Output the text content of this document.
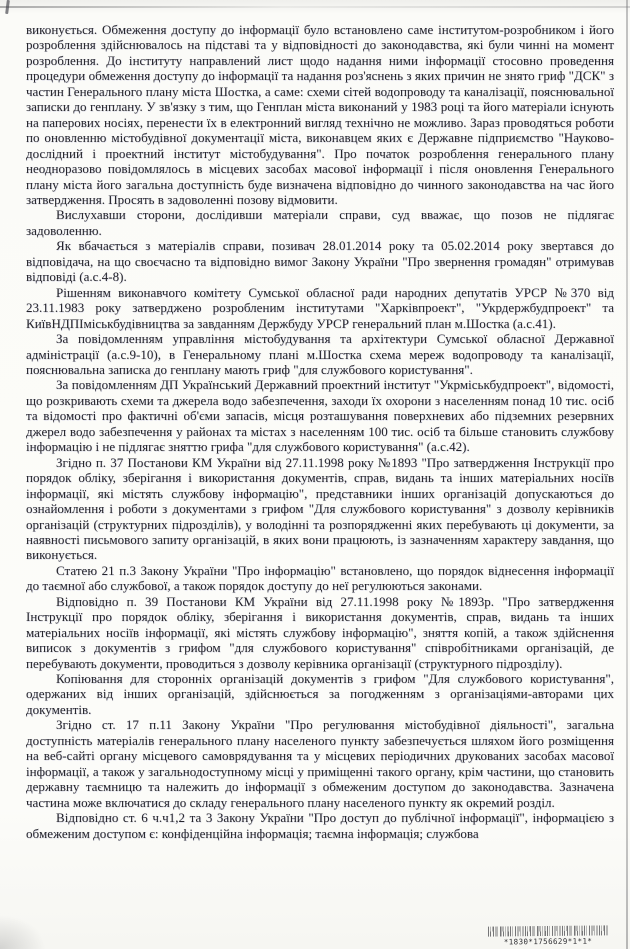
виконується. Обмеження доступу до інформації було встановлено саме інститутом-розробником і його розроблення здійснювалось на підставі та у відповідності до законодавства, які були чинні на момент розроблення. До інституту направлений лист щодо надання ними інформації стосовно проведення процедури обмеження доступу до інформації та надання роз'яснень з яких причин не знято гриф "ДСК" з частин Генерального плану міста Шостка, а саме: схеми сітей водопроводу та каналізації, пояснювальної записки до генплану. У зв'язку з тим, що Генплан міста виконаний у 1983 році та його матеріали існують на паперових носіях, перенести їх в електронний вигляд технічно не можливо. Зараз проводяться роботи по оновленню містобудівної документації міста, виконавцем яких є Державне підприємство "Науково-дослідний і проектний інститут містобудування". Про початок розроблення генерального плану неодноразово повідомлялось в місцевих засобах масової інформації і після оновлення Генерального плану міста його загальна доступність буде визначена відповідно до чинного законодавства на час його затвердження. Просять в задоволенні позову відмовити.

Вислухавши сторони, дослідивши матеріали справи, суд вважає, що позов не підлягає задоволенню.

Як вбачається з матеріалів справи, позивач 28.01.2014 року та 05.02.2014 року звертався до відповідача, на що своєчасно та відповідно вимог Закону України "Про звернення громадян" отримував відповіді (а.с.4-8).

Рішенням виконавчого комітету Сумської обласної ради народних депутатів УРСР №370 від 23.11.1983 року затверджено розробленим інститутами "Харківпроект", "Укрдержбудпроект" та КиївНДПІміськбудівництва за завданням Держбуду УРСР генеральний план м.Шостка (а.с.41).

За повідомленням управління містобудування та архітектури Сумської обласної Державної адміністрації (а.с.9-10), в Генеральному плані м.Шостка схема мереж водопроводу та каналізації, пояснювальна записка до генплану мають гриф "для службового користування".

За повідомленням ДП Український Державний проектний інститут "Укрміськбудпроект", відомості, що розкривають схеми та джерела водо забезпечення, заходи їх охорони з населенням понад 10 тис. осіб та відомості про фактичні об'єми запасів, місця розташування поверхневих або підземних резервних джерел водо забезпечення у районах та містах з населенням 100 тис. осіб та більше становить службову інформацію і не підлягає зняттю грифа "для службового користування" (а.с.42).

Згідно п. 37 Постанови КМ України від 27.11.1998 року №1893 "Про затвердження Інструкції про порядок обліку, зберігання і використання документів, справ, видань та інших матеріальних носіїв інформації, які містять службову інформацію", представники інших організацій допускаються до ознайомлення і роботи з документами з грифом "Для службового користування" з дозволу керівників організацій (структурних підрозділів), у володінні та розпорядженні яких перебувають ці документи, за наявності письмового запиту організацій, в яких вони працюють, із зазначенням характеру завдання, що виконується.

Статею 21 п.3 Закону України "Про інформацію" встановлено, що порядок віднесення інформації до таємної або службової, а також порядок доступу до неї регулюються законами.

Відповідно п. 39 Постанови КМ України від 27.11.1998 року №1893р. "Про затвердження Інструкції про порядок обліку, зберігання і використання документів, справ, видань та інших матеріальних носіїв інформації, які містять службову інформацію", зняття копій, а також здійснення виписок з документів з грифом "для службового користування" співробітниками організацій, де перебувають документи, проводиться з дозволу керівника організації (структурного підрозділу).

Копіювання для сторонніх організацій документів з грифом "Для службового користування", одержаних від інших організацій, здійснюється за погодженням з організаціями-авторами цих документів.

Згідно ст. 17 п.11 Закону України "Про регулювання містобудівної діяльності", загальна доступність матеріалів генерального плану населеного пункту забезпечується шляхом його розміщення на веб-сайті органу місцевого самоврядування та у місцевих періодичних друкованих засобах масової інформації, а також у загальнодоступному місці у приміщенні такого органу, крім частини, що становить державну таємницю та належить до інформації з обмеженим доступом до законодавства. Зазначена частина може включатися до складу генерального плану населеного пункту як окремий розділ.

Відповідно ст. 6 ч.ч1,2 та 3 Закону України "Про доступ до публічної інформації", інформацією з обмеженим доступом є: конфіденційна інформація; таємна інформація; службова

*1830*1756629*1*1*
